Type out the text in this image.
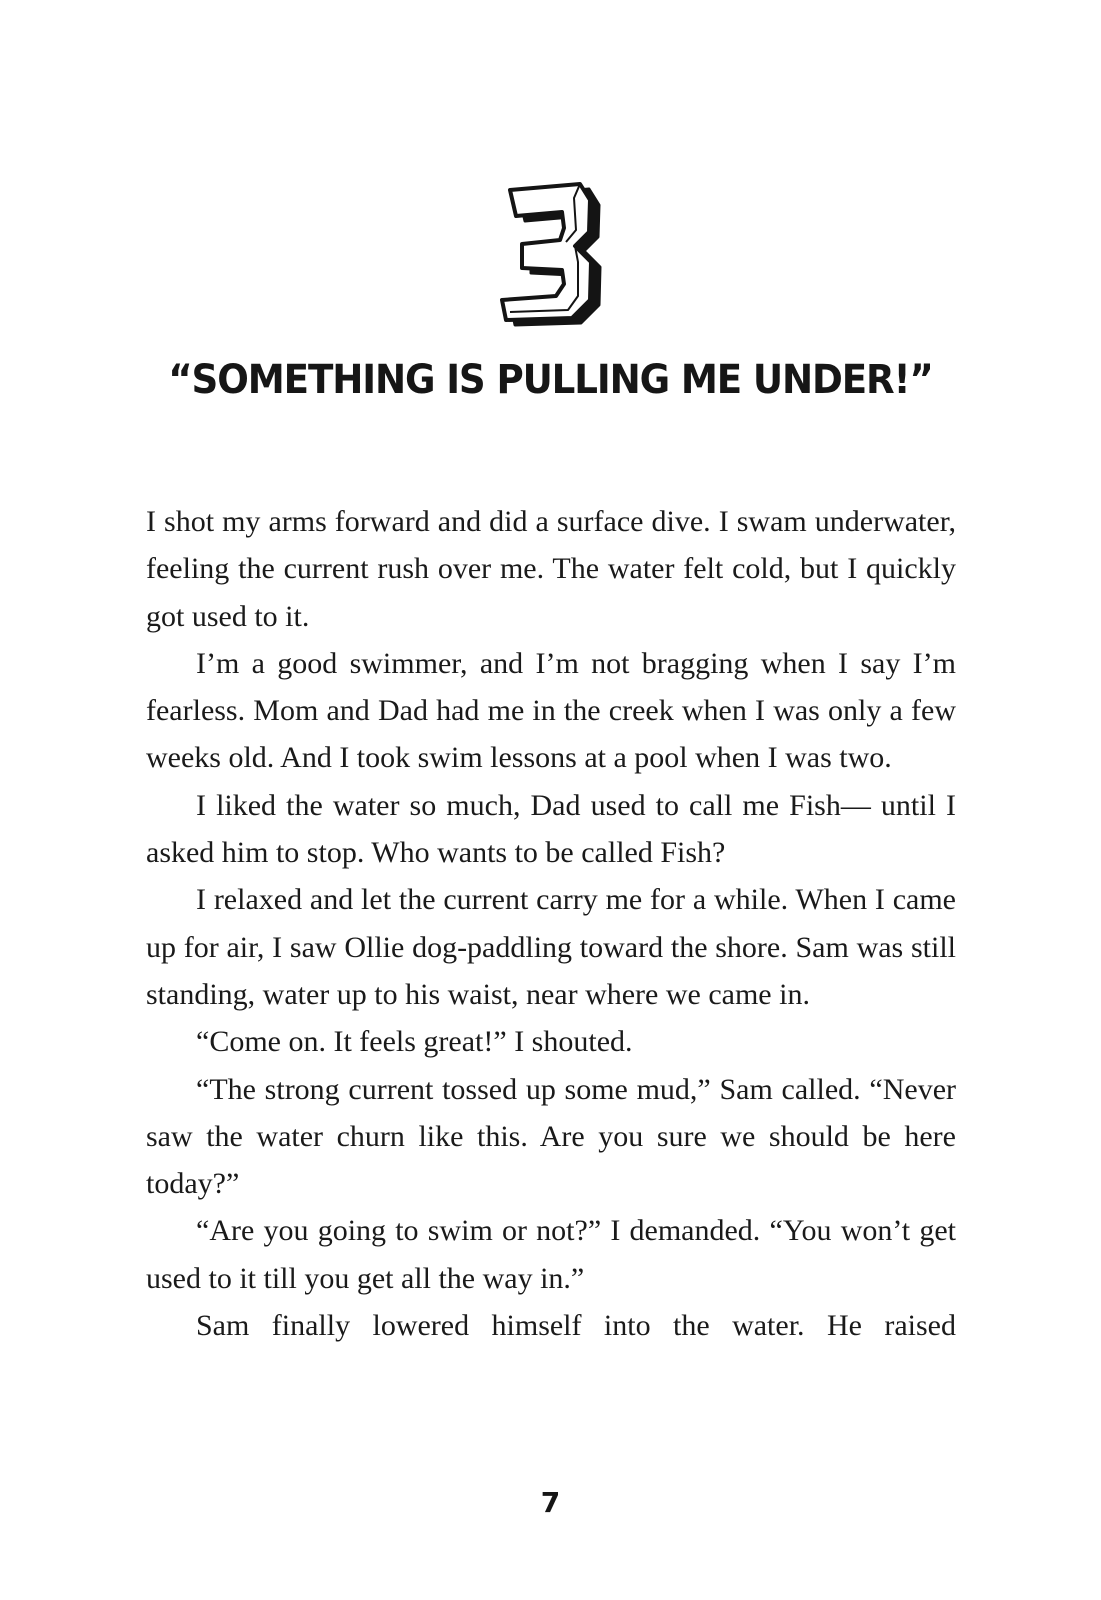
“SOMETHING IS PULLING ME UNDER!”

I shot my arms forward and did a surface dive. I swam underwater, feeling the current rush over me. The water felt cold, but I quickly got used to it.

I’m a good swimmer, and I’m not bragging when I say I’m fearless. Mom and Dad had me in the creek when I was only a few weeks old. And I took swim lessons at a pool when I was two.

I liked the water so much, Dad used to call me Fish— until I asked him to stop. Who wants to be called Fish?

I relaxed and let the current carry me for a while. When I came up for air, I saw Ollie dog-paddling toward the shore. Sam was still standing, water up to his waist, near where we came in.

“Come on. It feels great!” I shouted.

“The strong current tossed up some mud,” Sam called. “Never saw the water churn like this. Are you sure we should be here today?”

“Are you going to swim or not?” I demanded. “You won’t get used to it till you get all the way in.”

Sam finally lowered himself into the water. He raised

7
